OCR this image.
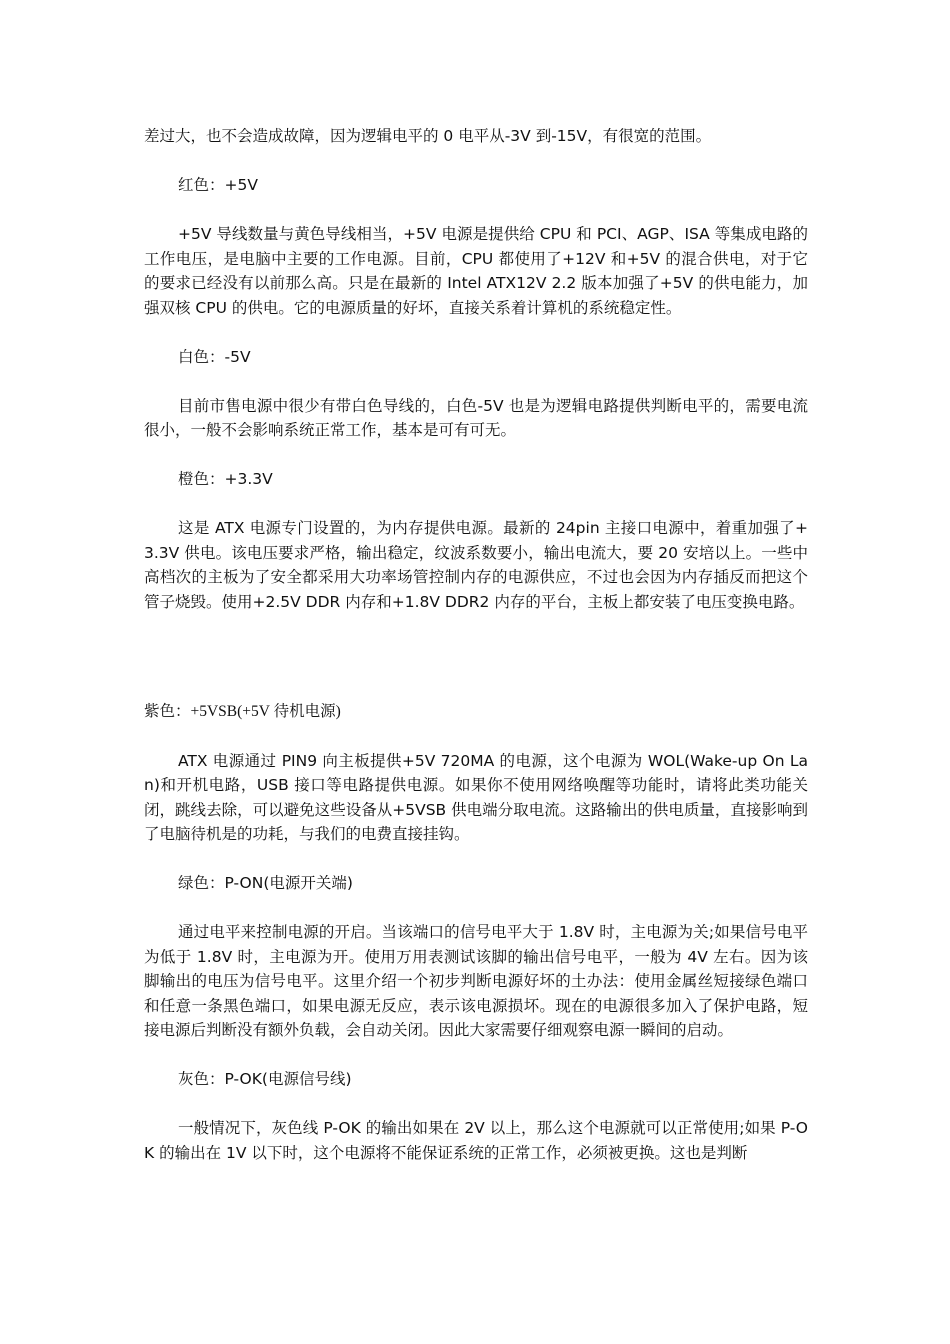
差过大，也不会造成故障，因为逻辑电平的 0 电平从-3V 到-15V，有很宽的范围。

红色：+5V

+5V 导线数量与黄色导线相当，+5V 电源是提供给 CPU 和 PCI、AGP、ISA 等集成电路的工作电压，是电脑中主要的工作电源。目前，CPU 都使用了+12V 和+5V 的混合供电，对于它的要求已经没有以前那么高。只是在最新的 Intel ATX12V 2.2 版本加强了+5V 的供电能力，加强双核 CPU 的供电。它的电源质量的好坏，直接关系着计算机的系统稳定性。

白色：-5V

目前市售电源中很少有带白色导线的，白色-5V 也是为逻辑电路提供判断电平的，需要电流很小，一般不会影响系统正常工作，基本是可有可无。

橙色：+3.3V

这是 ATX 电源专门设置的，为内存提供电源。最新的 24pin 主接口电源中，着重加强了+3.3V 供电。该电压要求严格，输出稳定，纹波系数要小，输出电流大，要 20 安培以上。一些中高档次的主板为了安全都采用大功率场管控制内存的电源供应，不过也会因为内存插反而把这个管子烧毁。使用+2.5V DDR 内存和+1.8V DDR2 内存的平台，主板上都安装了电压变换电路。

紫色：+5VSB(+5V 待机电源)

ATX 电源通过 PIN9 向主板提供+5V 720MA 的电源，这个电源为 WOL(Wake-up On Lan)和开机电路，USB 接口等电路提供电源。如果你不使用网络唤醒等功能时，请将此类功能关闭，跳线去除，可以避免这些设备从+5VSB 供电端分取电流。这路输出的供电质量，直接影响到了电脑待机是的功耗，与我们的电费直接挂钩。

绿色：P-ON(电源开关端)

通过电平来控制电源的开启。当该端口的信号电平大于 1.8V 时，主电源为关;如果信号电平为低于 1.8V 时，主电源为开。使用万用表测试该脚的输出信号电平，一般为 4V 左右。因为该脚输出的电压为信号电平。这里介绍一个初步判断电源好坏的土办法：使用金属丝短接绿色端口和任意一条黑色端口，如果电源无反应，表示该电源损坏。现在的电源很多加入了保护电路，短接电源后判断没有额外负载，会自动关闭。因此大家需要仔细观察电源一瞬间的启动。

灰色：P-OK(电源信号线)

一般情况下，灰色线 P-OK 的输出如果在 2V 以上，那么这个电源就可以正常使用;如果 P-OK 的输出在 1V 以下时，这个电源将不能保证系统的正常工作，必须被更换。这也是判断
